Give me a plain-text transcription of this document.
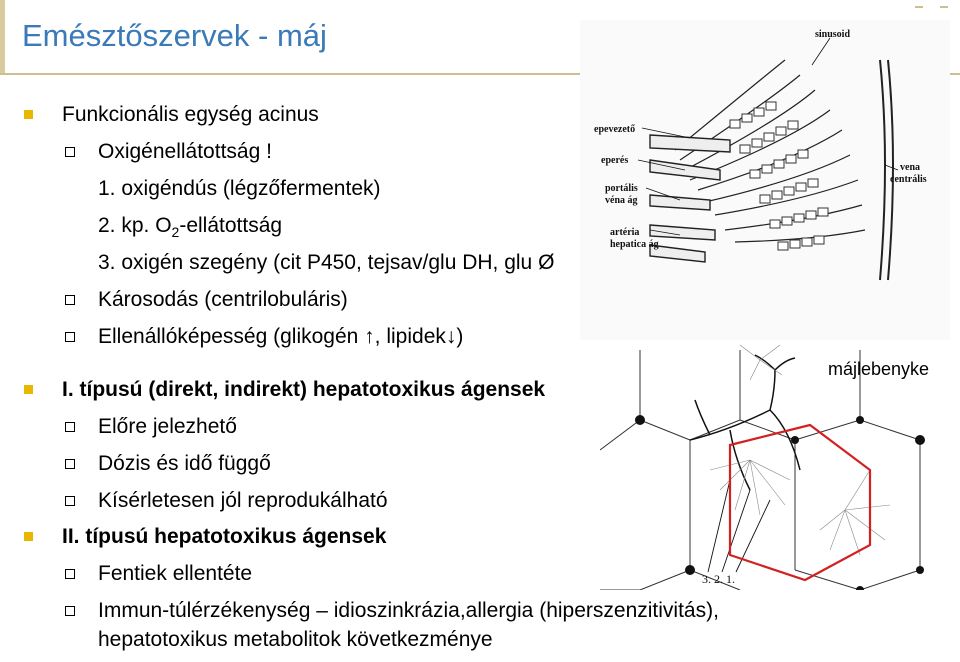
Emésztőszervek - máj	sinusoid
epevezető
eperés
portális
véna ág
artéria
hepatica ág
vena
centrális
májlebenyke
3. 2. 1.
Funkcionális egység acinus
Oxigénellátottság !
1. oxigéndús (légzőfermentek)
2. kp. $O_2$-ellátottság
3. oxigén szegény (cit P450, tejsav/glu DH, glu Ø
Károsodás (centrilobuláris)
Ellenállóképesség (glikogén ↑, lipidek↓)
I. típusú (direkt, indirekt) hepatotoxikus ágensek
Előre jelezhető
Dózis és idő függő
Kísérletesen jól reprodukálható
II. típusú hepatotoxikus ágensek
Fentiek ellentéte
Immun-túlérzékenység – idioszinkrázia,allergia (hiperszenzitivitás),
hepatotoxikus metabolitok következménye
